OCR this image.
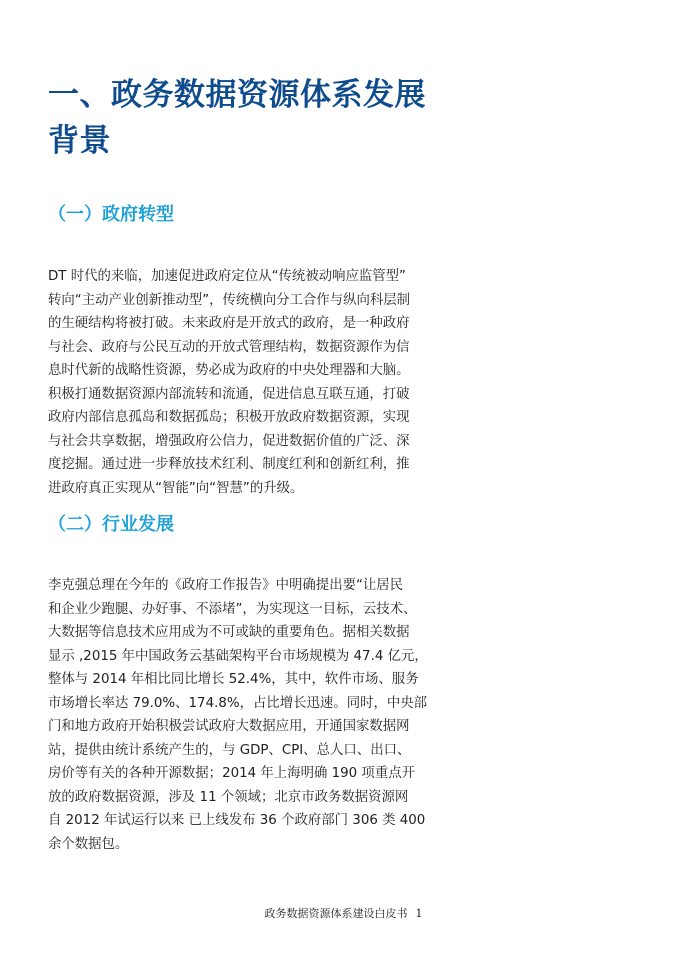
一、政务数据资源体系发展
背景
（一）政府转型

DT 时代的来临，加速促进政府定位从“传统被动响应监管型”
转向“主动产业创新推动型”，传统横向分工合作与纵向科层制
的生硬结构将被打破。未来政府是开放式的政府，是一种政府
与社会、政府与公民互动的开放式管理结构，数据资源作为信
息时代新的战略性资源，势必成为政府的中央处理器和大脑。
积极打通数据资源内部流转和流通，促进信息互联互通，打破
政府内部信息孤岛和数据孤岛；积极开放政府数据资源，实现
与社会共享数据，增强政府公信力，促进数据价值的广泛、深
度挖掘。通过进一步释放技术红利、制度红利和创新红利，推
进政府真正实现从“智能”向“智慧”的升级。

（二）行业发展

李克强总理在今年的《政府工作报告》中明确提出要“让居民
和企业少跑腿、办好事、不添堵”，为实现这一目标，云技术、
大数据等信息技术应用成为不可或缺的重要角色。据相关数据
显示 ,2015 年中国政务云基础架构平台市场规模为 47.4 亿元，
整体与 2014 年相比同比增长 52.4%，其中，软件市场、服务
市场增长率达 79.0%、174.8%，占比增长迅速。同时，中央部
门和地方政府开始积极尝试政府大数据应用，开通国家数据网
站，提供由统计系统产生的，与 GDP、CPI、总人口、出口、
房价等有关的各种开源数据；2014 年上海明确 190 项重点开
放的政府数据资源，涉及 11 个领域；北京市政务数据资源网
自 2012 年试运行以来 已上线发布 36 个政府部门 306 类 400
余个数据包。

政务数据资源体系建设白皮书 1
